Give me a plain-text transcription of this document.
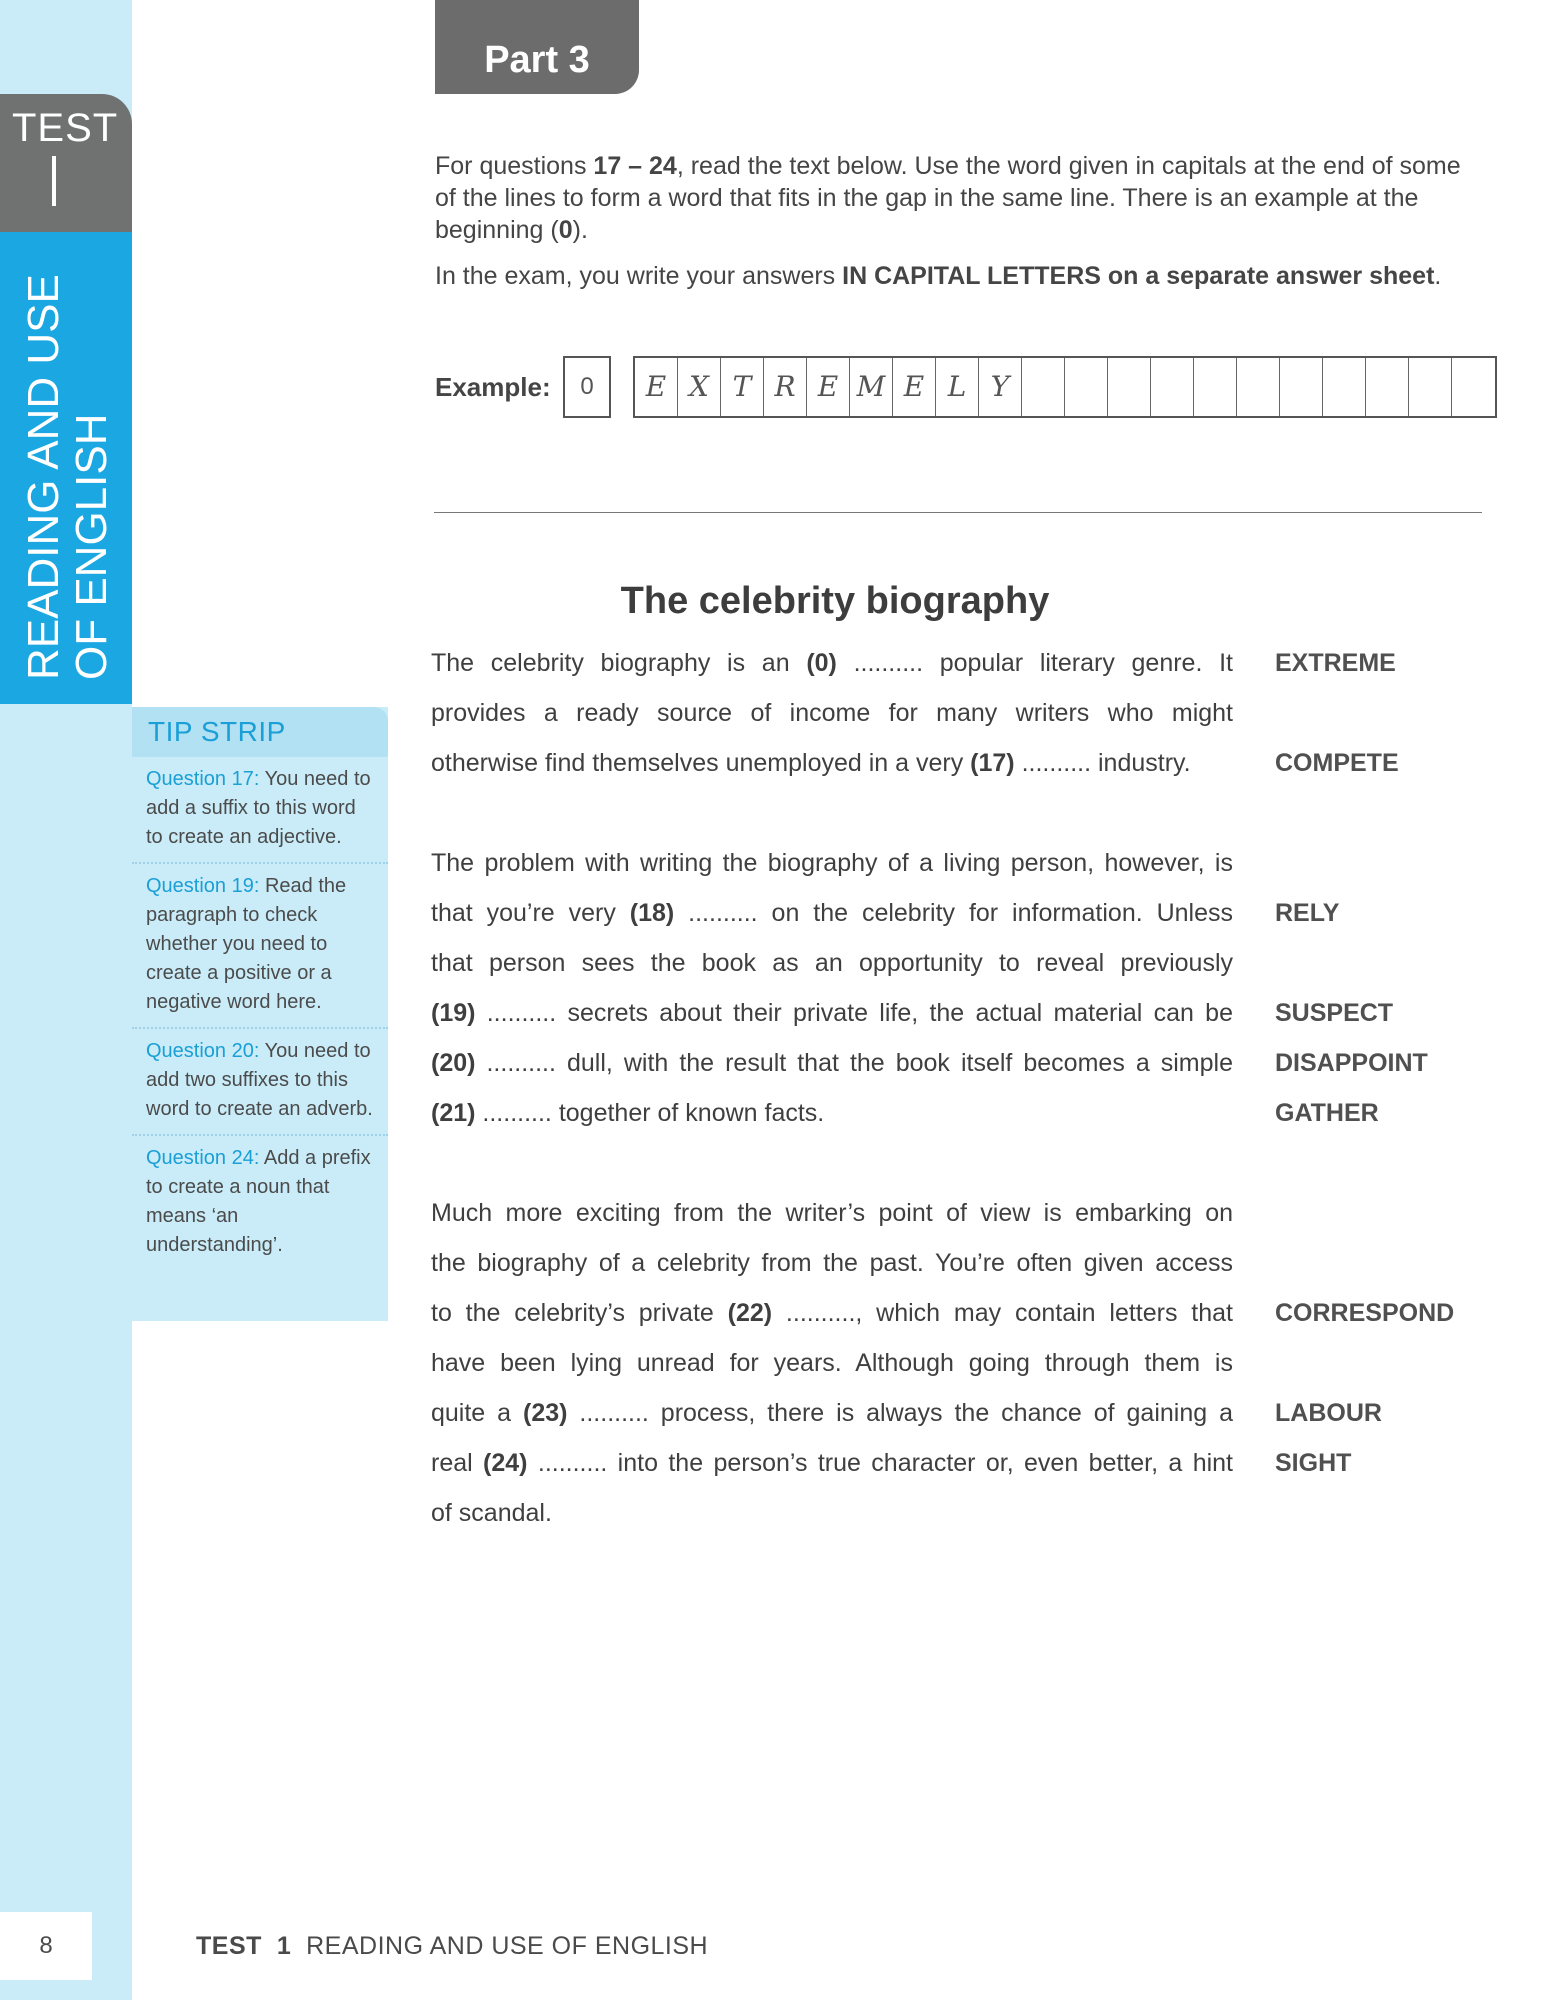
TEST
READING AND USE OF ENGLISH
TIP STRIP
Question 17: You need to add a suffix to this word to create an adjective.
Question 19: Read the paragraph to check whether you need to create a positive or a negative word here.
Question 20: You need to add two suffixes to this word to create an adverb.
Question 24: Add a prefix to create a noun that means ‘an understanding’.
8
Part 3
For questions 17 – 24, read the text below. Use the word given in capitals at the end of some of the lines to form a word that fits in the gap in the same line. There is an example at the beginning (0).
In the exam, you write your answers IN CAPITAL LETTERS on a separate answer sheet.
Example:	0	E X T R E M E L Y
The celebrity biography
The celebrity biography is an (0) .......... popular literary genre. It EXTREME
provides a ready source of income for many writers who might
otherwise find themselves unemployed in a very (17) .......... industry.	COMPETE
The problem with writing the biography of a living person, however, is
that you’re very (18) .......... on the celebrity for information. Unless RELY
that person sees the book as an opportunity to reveal previously
(19) .......... secrets about their private life, the actual material can be SUSPECT
(20) .......... dull, with the result that the book itself becomes a simple DISAPPOINT
(21) .......... together of known facts.	GATHER
Much more exciting from the writer’s point of view is embarking on
the biography of a celebrity from the past. You’re often given access
to the celebrity’s private (22) .........., which may contain letters that CORRESPOND
have been lying unread for years. Although going through them is
quite a (23) .......... process, there is always the chance of gaining a LABOUR
real (24) .......... into the person’s true character or, even better, a hint SIGHT
of scandal.
TEST 1 READING AND USE OF ENGLISH
